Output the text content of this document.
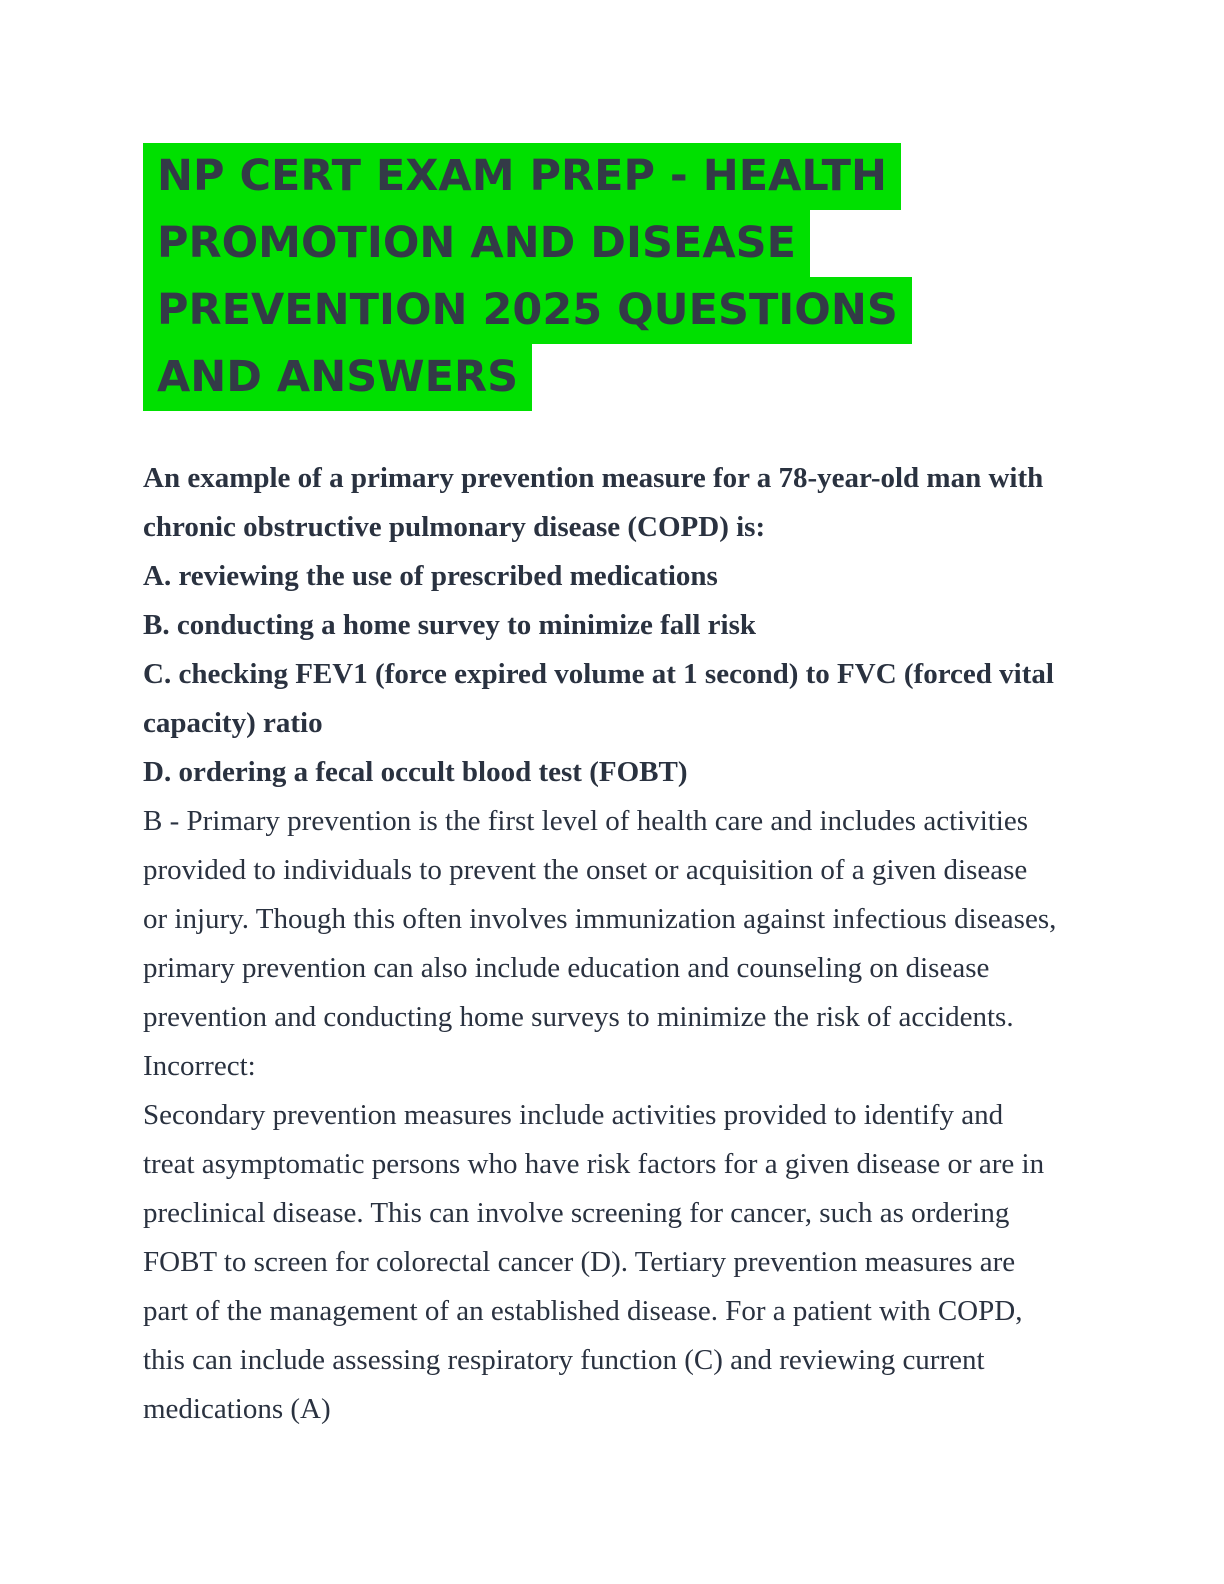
NP CERT EXAM PREP - HEALTH
PROMOTION AND DISEASE
PREVENTION 2025 QUESTIONS
AND ANSWERS
An example of a primary prevention measure for a 78-year-old man with
chronic obstructive pulmonary disease (COPD) is:
A. reviewing the use of prescribed medications
B. conducting a home survey to minimize fall risk
C. checking FEV1 (force expired volume at 1 second) to FVC (forced vital
capacity) ratio
D. ordering a fecal occult blood test (FOBT)
B - Primary prevention is the first level of health care and includes activities
provided to individuals to prevent the onset or acquisition of a given disease
or injury. Though this often involves immunization against infectious diseases,
primary prevention can also include education and counseling on disease
prevention and conducting home surveys to minimize the risk of accidents.
Incorrect:
Secondary prevention measures include activities provided to identify and
treat asymptomatic persons who have risk factors for a given disease or are in
preclinical disease. This can involve screening for cancer, such as ordering
FOBT to screen for colorectal cancer (D). Tertiary prevention measures are
part of the management of an established disease. For a patient with COPD,
this can include assessing respiratory function (C) and reviewing current
medications (A)
